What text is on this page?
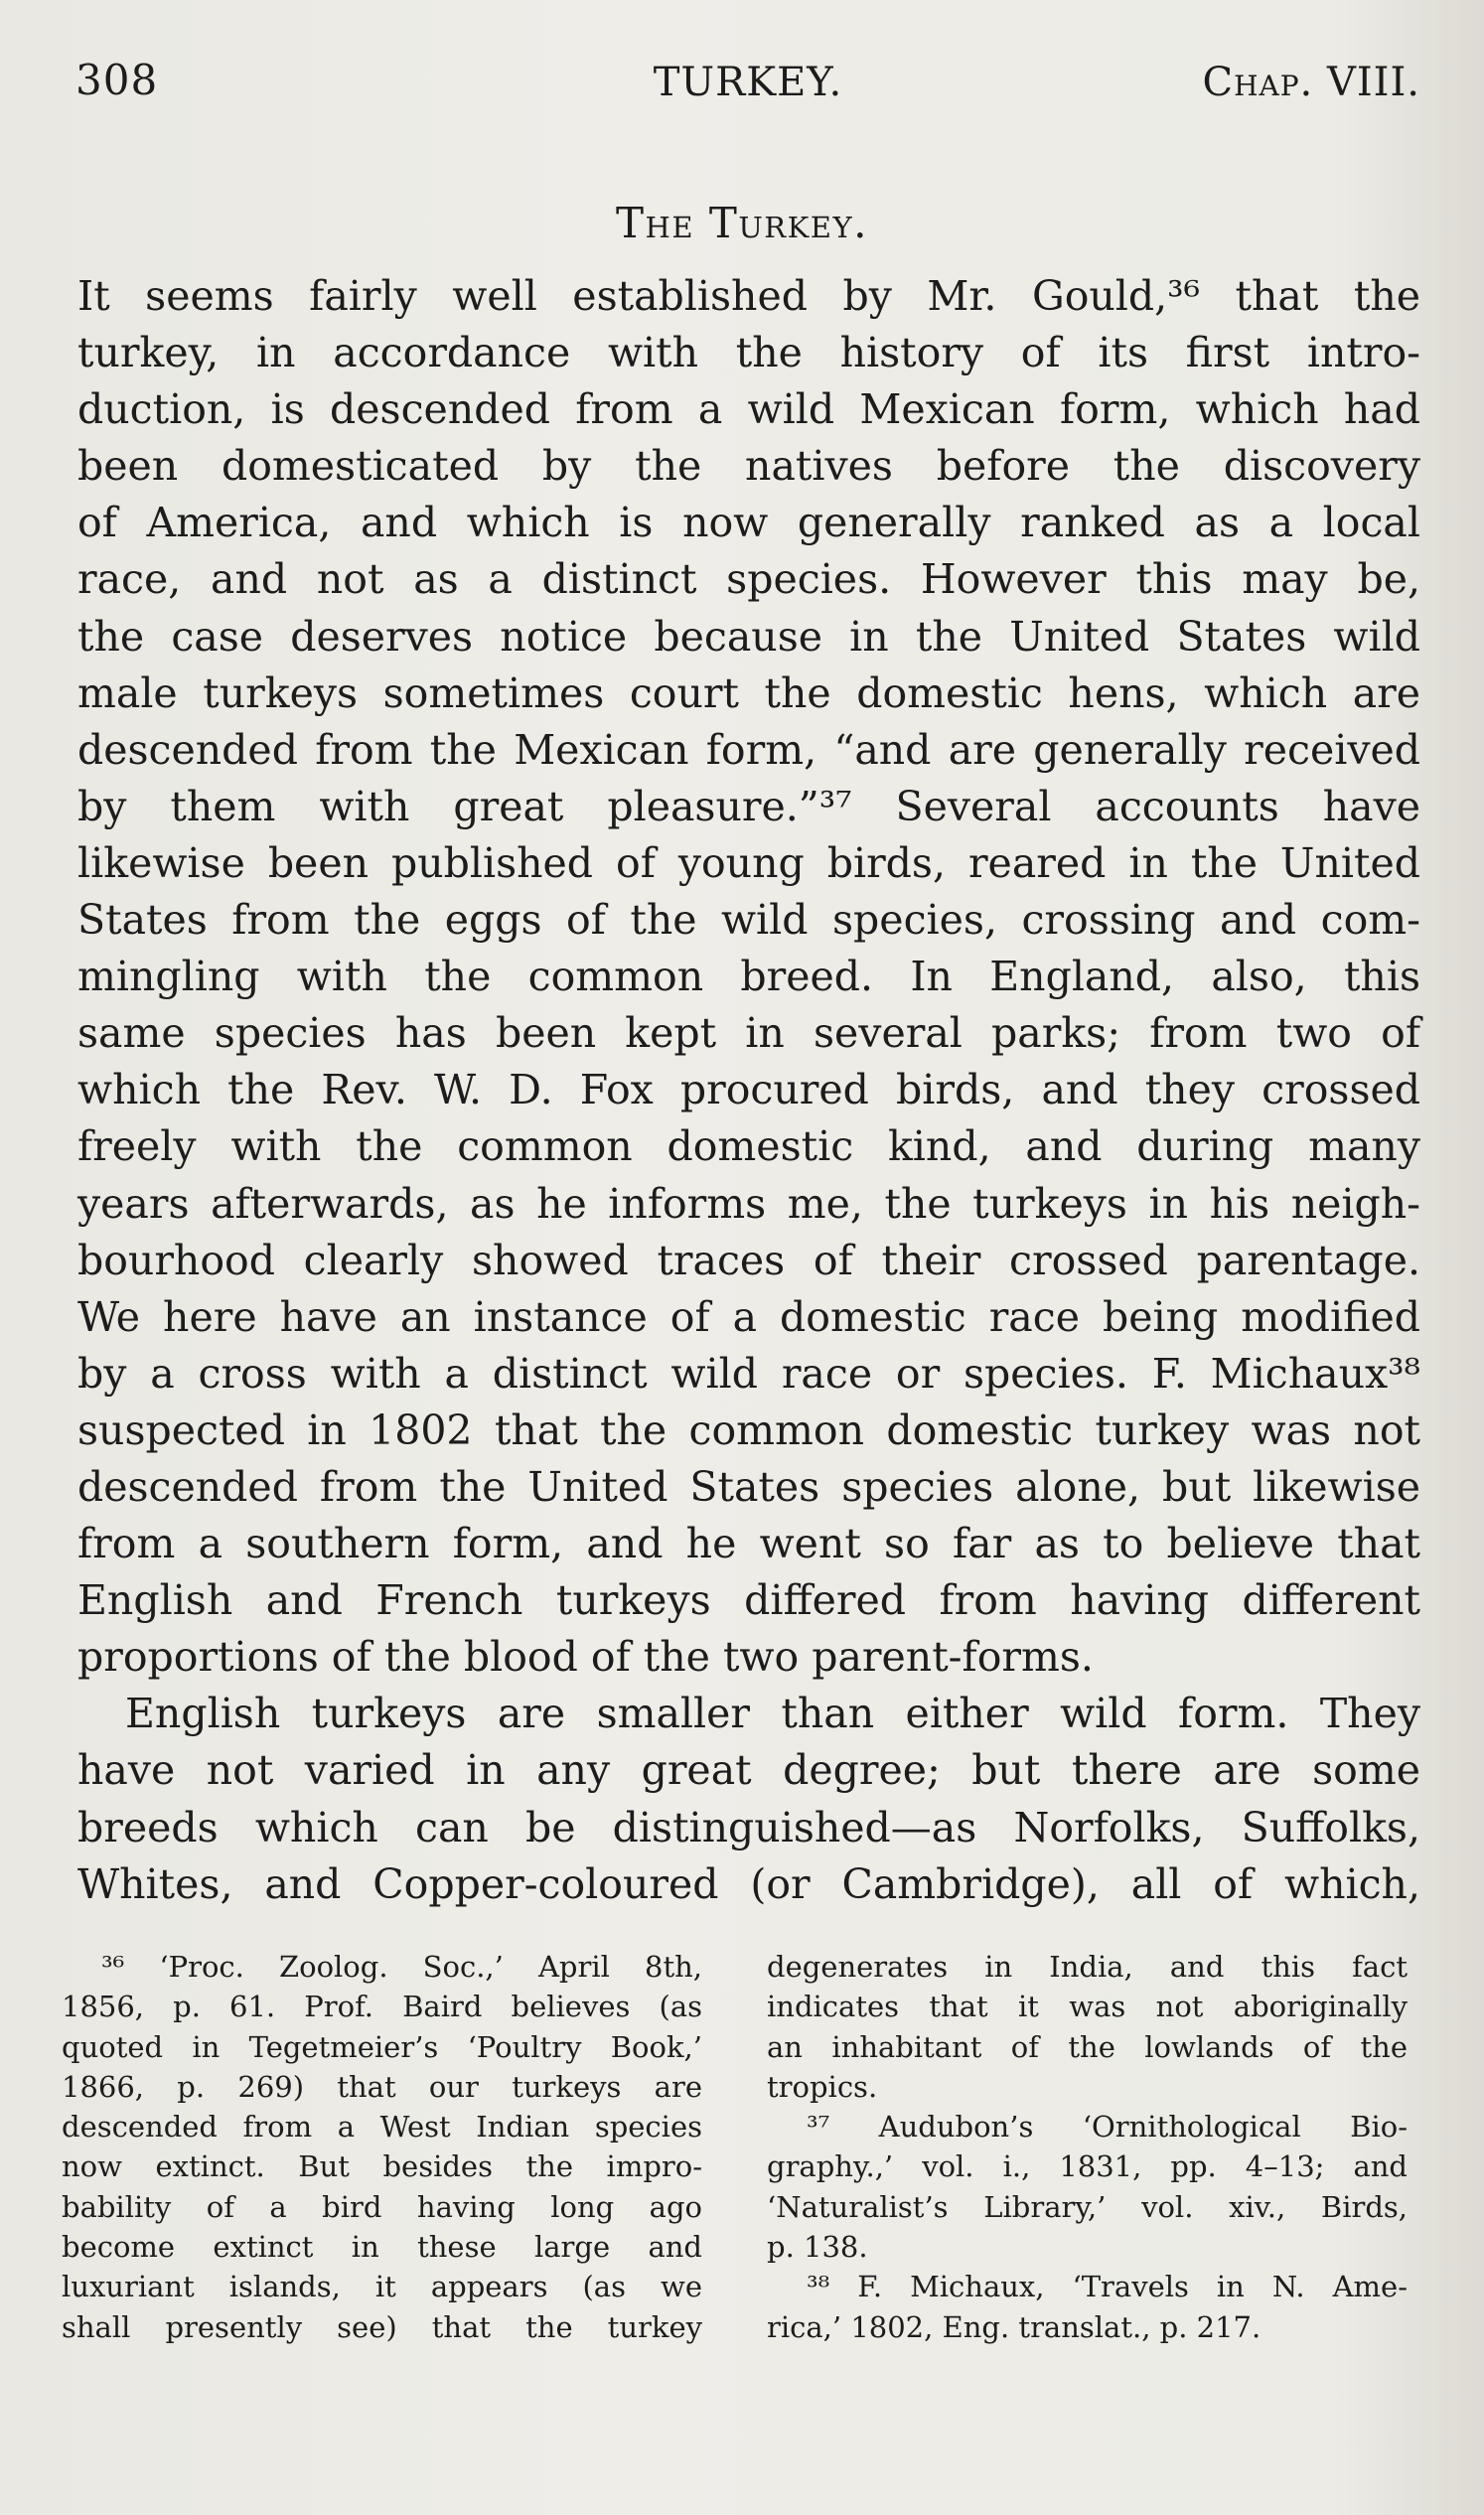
308	TURKEY.	Chap. VIII.
The Turkey.
It seems fairly well established by Mr. Gould,³⁶ that the
turkey, in accordance with the history of its first intro-
duction, is descended from a wild Mexican form, which had
been domesticated by the natives before the discovery
of America, and which is now generally ranked as a local
race, and not as a distinct species. However this may be,
the case deserves notice because in the United States wild
male turkeys sometimes court the domestic hens, which are
descended from the Mexican form, “and are generally received
by them with great pleasure.”³⁷ Several accounts have
likewise been published of young birds, reared in the United
States from the eggs of the wild species, crossing and com-
mingling with the common breed. In England, also, this
same species has been kept in several parks; from two of
which the Rev. W. D. Fox procured birds, and they crossed
freely with the common domestic kind, and during many
years afterwards, as he informs me, the turkeys in his neigh-
bourhood clearly showed traces of their crossed parentage.
We here have an instance of a domestic race being modified
by a cross with a distinct wild race or species. F. Michaux³⁸
suspected in 1802 that the common domestic turkey was not
descended from the United States species alone, but likewise
from a southern form, and he went so far as to believe that
English and French turkeys differed from having different
proportions of the blood of the two parent-forms.
English turkeys are smaller than either wild form. They
have not varied in any great degree; but there are some
breeds which can be distinguished—as Norfolks, Suffolks,
Whites, and Copper-coloured (or Cambridge), all of which,
³⁶ ‘Proc. Zoolog. Soc.,’ April 8th,
1856, p. 61. Prof. Baird believes (as
quoted in Tegetmeier’s ‘Poultry Book,’
1866, p. 269) that our turkeys are
descended from a West Indian species
now extinct. But besides the impro-
bability of a bird having long ago
become extinct in these large and
luxuriant islands, it appears (as we
shall presently see) that the turkey
degenerates in India, and this fact
indicates that it was not aboriginally
an inhabitant of the lowlands of the
tropics.
³⁷ Audubon’s ‘Ornithological Bio-
graphy.,’ vol. i., 1831, pp. 4–13; and
‘Naturalist’s Library,’ vol. xiv., Birds,
p. 138.
³⁸ F. Michaux, ‘Travels in N. Ame-
rica,’ 1802, Eng. translat., p. 217.
